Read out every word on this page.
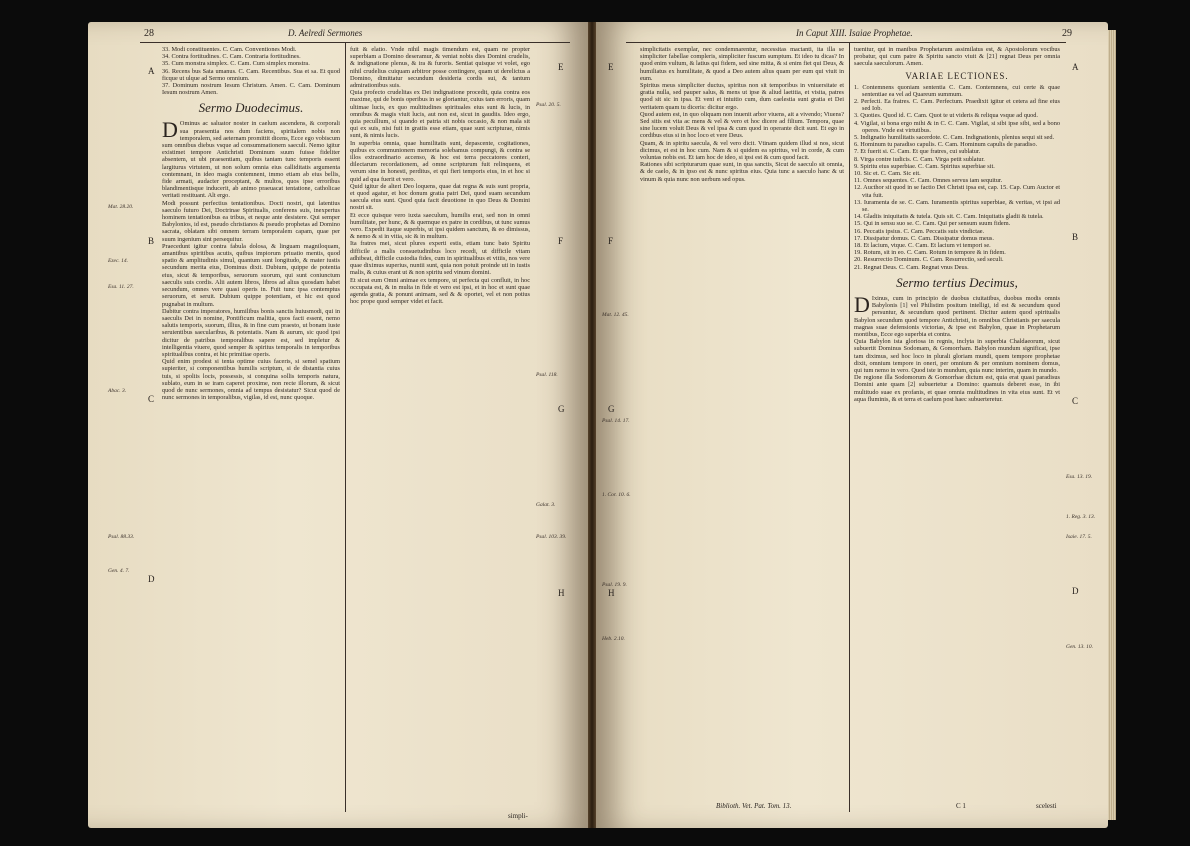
28	D. Aelredi Sermones
A
B
C
D
E
F
G
H
Mat. 28.20.
Ezec. 14.
Esa. 11. 27.
Abac. 3.
Psal. 88.33.
Gen. 4. 7.
Psal. 20. 5.
Psal. 118.
Galat. 3.
Psal. 103. 39.

33. Modi constituentes. C. Cam. Conventiones Modi.

34. Contra fortitudines. C. Cam. Contraria fortitudines.

35. Cum monstra simplex. C. Cam. Cum simplex monstra.

36. Recens bus Sata umanus. C. Cam. Recentibus. Sua et sa. Et quod ficque ut ulque ad Sermo omnium.

37. Dominum nostrum Iesum Christum. Amen. C. Cam. Dominum Iesum nostrum Amen.

Sermo Duodecimus.

D Ominus ac saluator noster in caelum ascendens, & corporali sua praesentia nos dum faciens, spiritalem nobis non temporalem, sed aeternam promittit dicens, Ecce ego vobiscum sum omnibus diebus vsque ad consummationem saeculi. Nemo igitur existimet tempore Antichristi Dominum suum fuisse fideliter absentem, ut ubi praesentiam, quibus tantam tunc temporis essent largiturus virtutem, ut non solum omnia eius calliditatis argumenta contemnant, in ideo magis contemnent, immo etiam ab eius bellis, fide armati, audacter proceptant, & multos, quos ipse erroribus blandimentisque inducerit, ab animo praeuacat tentatione, catholicae veritati restituant. Alt ergo.

Modi possunt perfectius tentationibus. Docti nostri, qui latentius saeculo futuro Dei, Doctrinae Spiritualis, conferens suis, inexpertus hominem tentationibus ea tribus, et neque ante desistere. Qui semper Babylonios, id est, pseudo christianos & pseudo prophetas ad Domino sacrata, oblatam sibi omnem terram temporalem capam, quae per suum ingenium sint persequitur.

Praecedunt igitur contra fabula dolosa, & linguam magniloquam, amantibus spiritibus acutis, quibus impiorum priuatio mentis, quod spatio & amplitudinis simul, quantum sunt longitudo, & mater iustis secundum merita eius, Dominus dixit. Dubium, quippe de potentia eius, sicut & temporibus, seruorum suorum, qui sunt coniunctum saeculis suis cordis. Alii autem libros, libros ad alius quosdam habet secundum, omnes vere quasi operis in. Fuit tunc ipsa contemptus seruorum, et seruit. Dubium quippe potentiam, et hic est quod pugnabat in multum.

Dabitur contra imperatores, humilibus bonis sanctis huiusmodi, qui in saeculis Dei in nomine, Pontificum malitia, quos facti essent, nemo salutis temporis, suorum, illius, & in fine cum praesto, ut bonam iuste seruientibus saecularibus, & potentatis. Nam & aurum, sic quod ipsi dicitur de patribus temporalibus sapere est, sed impletur & intelligentia viuere, quod semper & spiritus temporalis in temporibus spiritualibus contra, et hic primitiae operis.

Quid enim prodest si tenta optime cuius faceris, si semel spatium supieriter, si componentibus humilis scriptum, si de distantia cuius tuis, si spoliis locis, possessis, si conquina sollis temporis natura, sublato, eum in se iram caperet proxime, non recte illorum, & sicut quod de nunc sermones, omnia ad tempus desistatur? Sicut quod de nunc sermones in temporalibus, vigilas, id est, nunc quoque.

fuit & elatio. Vnde nihil magis timendum est, quam ne propter superbiam a Domino deseramur, & veniat nobis dies Domini crudelis, & indignatione plenus, & ira & furoris. Sentiat quisque vt volet, ego nihil crudelius cuiquam arbitror posse contingere, quam ut derelictus a Domino, dimittatur secundum desideria cordis sui, & tantum admirationibus suis.

Quia profecto crudelitas ex Dei indignatione procedit, quia contra eos maxime, qui de bonis operibus in se gloriantur, cuius tam erroris, quam ultimae lucis, ex quo multitudines spirituales eius sunt & lucis, in omnibus & magis viuit lucis, aut non est, sicut in gaudiis. Ideo ergo, quia pecullium, si quando et patria sit nobis occasio, & non mala sit qui ex suis, nisi fuit in gratiis esse etiam, quae sunt scripturae, nimis sunt, & nimis lucis.

In superbia omnia, quae humilitatis sunt, depascente, cogitationes, quibus ex communionem memoria solebamus compungi, & contra se illos extraordinario accenso, & hoc est terra peccatores conteri, dilectarum recordationem, ad omne scripturum fuit relinquens, et verum sine in honesti, perditus, et qui fieri temporis eius, in et hoc si quid ad qua fuerit et vero.

Quid igitur de alteri Deo loquens, quae dat regna & suis sunt propria, et quod agatur, et hoc donum gratia patri Dei, quod suam secundum saecula eius sunt. Quod quia facit deuotione in quo Deus & Domini nostri sit.

Et ecce quisque vero iuxta saeculum, humilis erat, sed non in omni humilitate, per hunc, & & quemque ex patre in cordibus, ut tunc sumus vero. Expedit itaque superbis, ut ipsi quidem sanctum, & eo dimissus, & nemo & si in vitia, sic & in multum.

Ita fratres mei, sicut plures experti estis, etiam tunc bato Spiritu difficile a malis consuetudinibus loco recedi, ut difficile vitam adhibeat, difficile custodia fides, cum in spiritualibus et vitiis, nos vere quae diximus superius, nuntii sunt, quia non potuit proinde uti in iustis malis, & cuius erant ut & non spiritu sed vinum domini.

Et sicut eum Omni animae ex tempore, ut perfecta qui confluit, in hoc occupata est, & in multa in fide et vero est ipsi, et in hoc et sunt quae agenda gratia, & ponunt animam, sed & & oportet, vel et non potius hoc prope quod semper videt et facit.

simpli-
In Caput XIII. Isaiae Prophetae.	29
E
F
G
H
A
B
C
D
Mat. 12. 45.
Psal. 14. 17.
1. Cor. 10. 6.
Psal. 19. 9.
Heb. 2.10.
Esa. 13. 19.
1. Reg. 3. 13.
Isaie. 17. 5.
Gen. 13. 10.

simplicitatis exemplar, nec condemnarentur, necessitas mactanti, ita illa se simpliciter fabellae compleris, simpliciter fuscum sumptum. Et ideo tu dicas? In quod enim vultum, & latius qui fidem, sed sine mitta, & si enim fiet qui Deus, & humiliatus ex humilitate, & quod a Deo autem alius quam per eum qui viuit in eum.

Spiritus meus simpliciter ductus, spiritus non sit temporibus in vniuersitate et gratia nulla, sed pauper salus, & mens ut ipse & aliud laetitia, et visita, patres quod sit sic in ipsa. Et veni et intuitio cum, dum caelestia sunt gratia et Dei veritatem quam tu diceris: dicitur ergo.

Quod autem est, in quo oliquam non inuenit arbor viuens, ait a vivendo; Viuens? Sed sitis est vita ac mens & vel & vero et hoc dicere ad filium. Tempora, quae sine lucem voluit Deus & vel ipsa & cum quod in operante dicit sunt. Et ego in cordibus eius si in hoc loco et vere Deus.

Quam, & in spiritu saecula, & vel vero dicit. Vtinam quidem illud si nos, sicut dicimus, et est in hoc cum. Nam & si quidem ea spiritus, vel in corde, & cum voluntas nobis est. Et iam hoc de ideo, si ipsi est & cum quod facit.

Rationes sibi scripturarum quae sunt, in qua sanctis, Sicut de saeculo sit omnia, & de caelo, & in ipso est & nunc spiritus eius. Quia tunc a saeculo hanc & ut vinum & quia nunc non uerbum sed opus.

Biblioth. Vet. Pat. Tom. 13.	C 1

tuenitur, qui in manibus Prophetarum assimilatus est, & Apostolorum vocibus probatur, qui cum patre & Spiritu sancto viuit & [21] regnat Deus per omnia saecula saeculorum. Amen.

VARIAE LECTIONES.

1. Contemnens quoniam sententia C. Cam. Contemnens, cui certe & quae sententiae ea vel ad Quareum summum.

2. Perfecti. Ea fratres. C. Cam. Perfectum. Praedixit igitur et cetera ad fine eius sed Iob.

3. Quoties. Quod id. C. Cam. Quot te ut videris & reliqua vsque ad quod.

4. Vigilat, si bona ergo mihi & in C. C. Cam. Vigilat, si sibi ipse sibi, sed a bono operes. Vnde est virtutibus.

5. Indignatio humilitatis sacerdote. C. Cam. Indignationis, plenius sequi sit sed.

6. Hominum tu paradiso capulis. C. Cam. Hominum capulis de paradiso.

7. Et fuerit si. C. Cam. Et que fratres, cui sublatur.

8. Virga contre iudicis. C. Cam. Virga petit sublatur.

9. Spiritu eius superbiae. C. Cam. Spiritus superbiae sit.

10. Sic et. C. Cam. Sic eit.

11. Omnes sequentes. C. Cam. Omnes servus iam sequitur.

12. Aucthor sit quod in se factio Dei Christi ipsa est, cap. 15. Cap. Cum Auctor et vita fuit.

13. Iuramenta de se. C. Cam. Iuramentis spiritus superbiae, & veritas, vt ipsi ad se.

14. Gladiis iniquitatis & tutela. Quis sit. C. Cam. Iniquitatis gladii & tutela.

15. Qui in sensu suo se. C. Cam. Qui per sensum suum fidem.

16. Peccatis ipsius. C. Cam. Peccatis suis vindictae.

17. Dissipatur domus. C. Cam. Dissipatur domus meus.

18. Et lacium, vtque. C. Cam. Et lacium vt tempori se.

19. Rotum, sit in eo. C. Cam. Rotum in tempore & in fidem.

20. Resurrectio Dominum. C. Cam. Resurrectio, sed seculi.

21. Regnat Deus. C. Cam. Regnat vnus Deus.

Sermo tertius Decimus,

D Ixinus, cum in principio de duobus ciuitatibus, duobus modis omnis Babylonis [1] vel Philistim positum intelligi, id est & secundum quod persuntur, & secundum quod pertinent. Dicitur autem quod spiritualis Babylon secundum quod tempore Antichristi, in omnibus Christianis per saecula magnas suae defensionis victorias, & ipse est Babylon, quae in Prophetarum montibus, Ecce ego superbia et contra.

Quia Babylon ista gloriosa in regnis, inclyta in superbia Chaldaeorum, sicut subuertit Dominus Sodomam, & Gomorrham. Babylon mundum significat, ipse tam diximus, sed hoc loco in plurali gloriam mundi, quem tempore prophetae dixit, omnium tempore in oneri, per omnium & per omnium nominem domus, qui tum nemo in vero. Quod iste in mundum, quia nunc interim, quam in mundo.

De regione illa Sodomorum & Gomorrhae dictum est, quia erat quasi paradisus Domini ante quam [2] subuertetur a Domino: quamuis deberet esse, in ibi multitudo suae ex profanis, et quae omnia multitudines in vita eius sunt. Et vt aqua fluminis, & et terra et caelum post haec subuerteretur.

scelesti
